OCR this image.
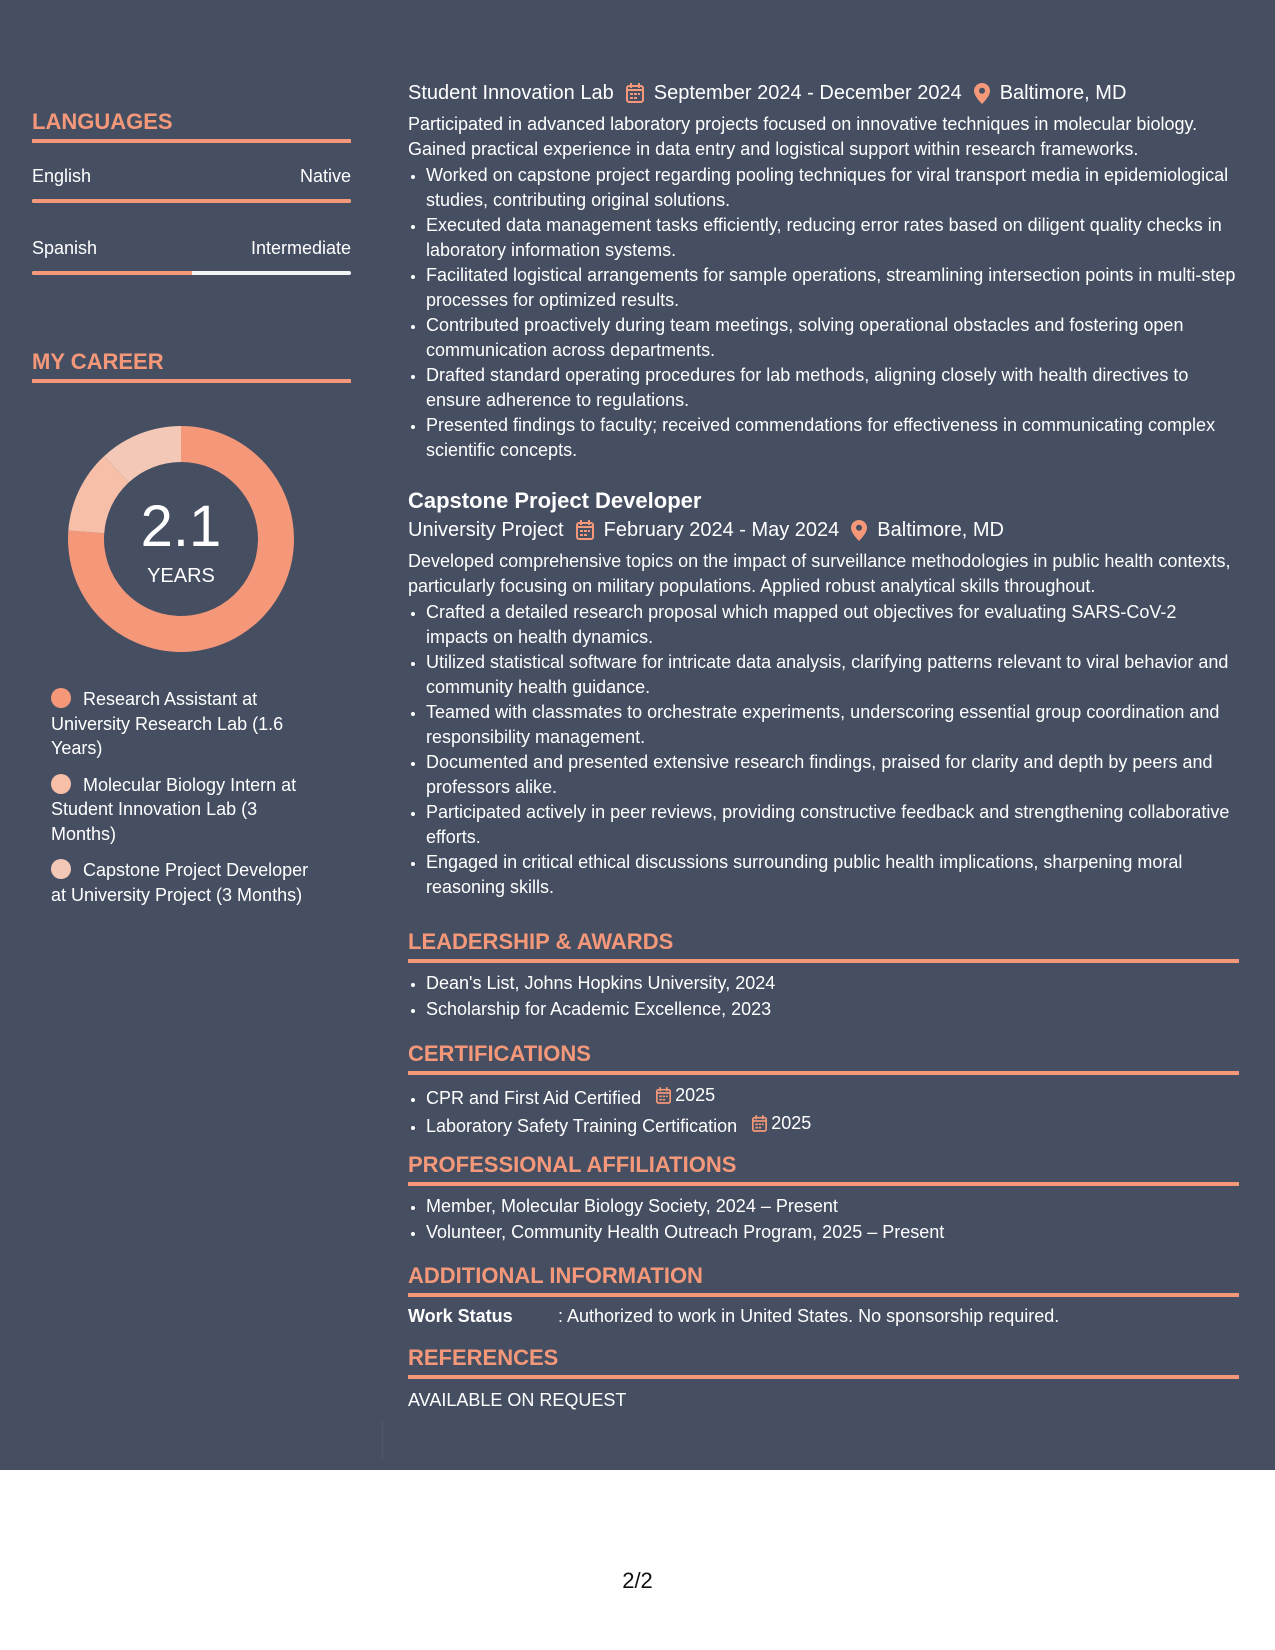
LANGUAGES
English	Native
Spanish	Intermediate
MY CAREER
2.1
YEARS
Research Assistant at University Research Lab (1.6 Years)
Molecular Biology Intern at Student Innovation Lab (3 Months)
Capstone Project Developer at University Project (3 Months)
Student Innovation Lab September 2024 - December 2024 Baltimore, MD

Participated in advanced laboratory projects focused on innovative techniques in molecular biology. Gained practical experience in data entry and logistical support within research frameworks.

• Worked on capstone project regarding pooling techniques for viral transport media in epidemiological studies, contributing original solutions.
• Executed data management tasks efficiently, reducing error rates based on diligent quality checks in laboratory information systems.
• Facilitated logistical arrangements for sample operations, streamlining intersection points in multi-step processes for optimized results.
• Contributed proactively during team meetings, solving operational obstacles and fostering open communication across departments.
• Drafted standard operating procedures for lab methods, aligning closely with health directives to ensure adherence to regulations.
• Presented findings to faculty; received commendations for effectiveness in communicating complex scientific concepts.
Capstone Project Developer
University Project February 2024 - May 2024 Baltimore, MD

Developed comprehensive topics on the impact of surveillance methodologies in public health contexts, particularly focusing on military populations. Applied robust analytical skills throughout.

• Crafted a detailed research proposal which mapped out objectives for evaluating SARS-CoV-2 impacts on health dynamics.
• Utilized statistical software for intricate data analysis, clarifying patterns relevant to viral behavior and community health guidance.
• Teamed with classmates to orchestrate experiments, underscoring essential group coordination and responsibility management.
• Documented and presented extensive research findings, praised for clarity and depth by peers and professors alike.
• Participated actively in peer reviews, providing constructive feedback and strengthening collaborative efforts.
• Engaged in critical ethical discussions surrounding public health implications, sharpening moral reasoning skills.
LEADERSHIP & AWARDS
• Dean's List, Johns Hopkins University, 2024
• Scholarship for Academic Excellence, 2023
CERTIFICATIONS
• CPR and First Aid Certified 2025
• Laboratory Safety Training Certification 2025
PROFESSIONAL AFFILIATIONS
• Member, Molecular Biology Society, 2024 – Present
• Volunteer, Community Health Outreach Program, 2025 – Present
ADDITIONAL INFORMATION
Work Status	: Authorized to work in United States. No sponsorship required.
REFERENCES
AVAILABLE ON REQUEST
2/2
